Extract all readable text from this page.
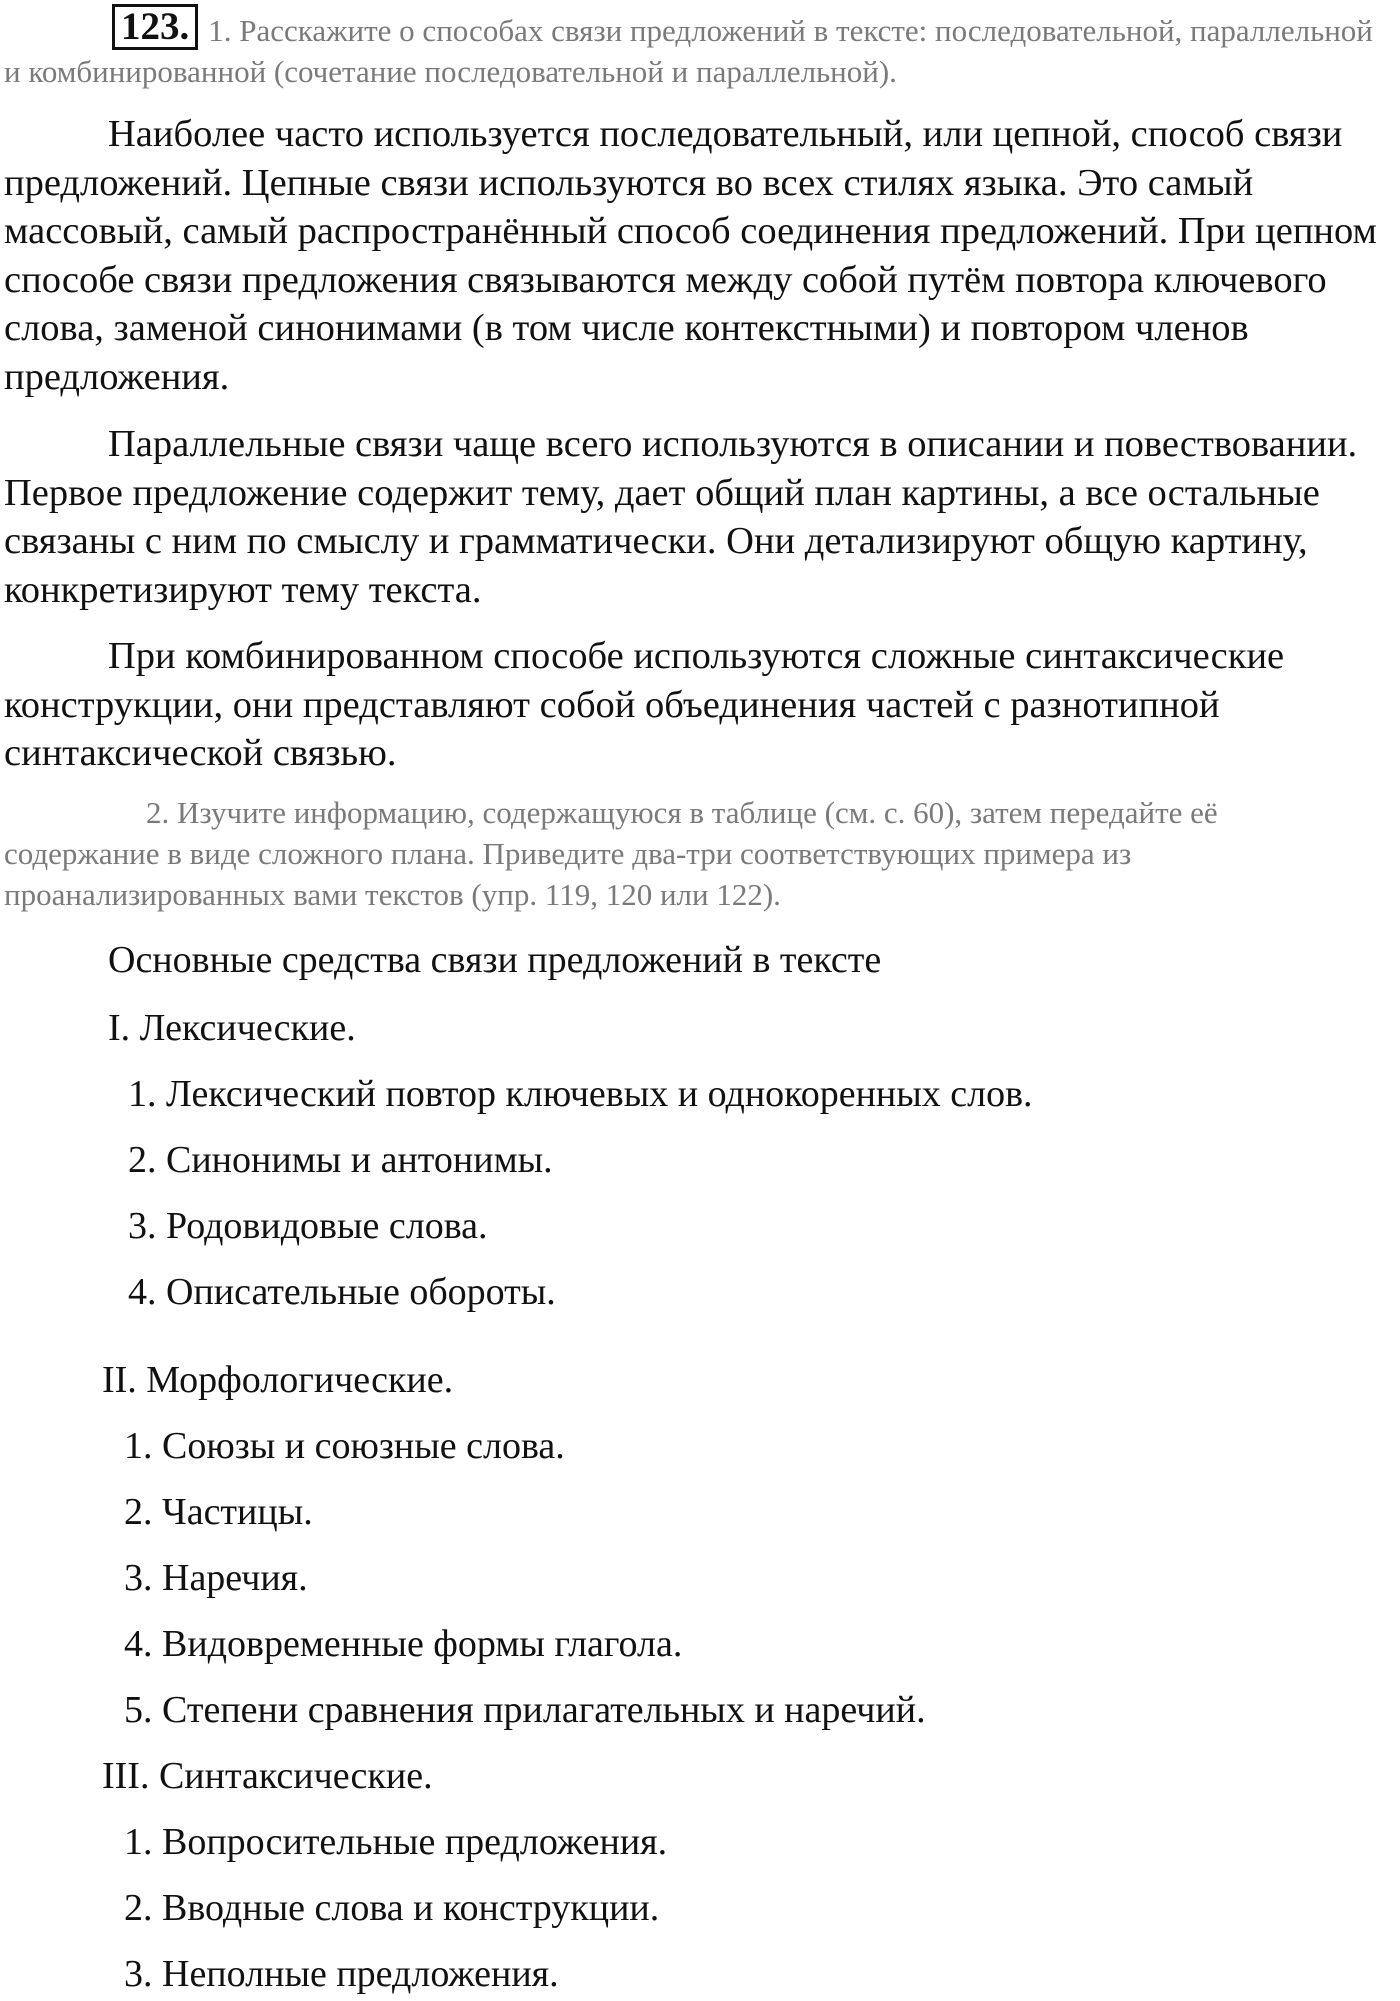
123. 1. Расскажите о способах связи предложений в тексте: последовательной, параллельной и комбинированной (сочетание последовательной и параллельной).

Наиболее часто используется последовательный, или цепной, способ связи предложений. Цепные связи используются во всех стилях языка. Это самый массовый, самый распространённый способ соединения предложений. При цепном способе связи предложения связываются между собой путём повтора ключевого слова, заменой синонимами (в том числе контекстными) и повтором членов предложения.

Параллельные связи чаще всего используются в описании и повествовании. Первое предложение содержит тему, дает общий план картины, а все остальные связаны с ним по смыслу и грамматически. Они детализируют общую картину, конкретизируют тему текста.

При комбинированном способе используются сложные синтаксические конструкции, они представляют собой объединения частей с разнотипной синтаксической связью.

2. Изучите информацию, содержащуюся в таблице (см. с. 60), затем передайте её содержание в виде сложного плана. Приведите два-три соответствующих примера из проанализированных вами текстов (упр. 119, 120 или 122).
Основные средства связи предложений в тексте
I. Лексические.
1. Лексический повтор ключевых и однокоренных слов.
2. Синонимы и антонимы.
3. Родовидовые слова.
4. Описательные обороты.
II. Морфологические.
1. Союзы и союзные слова.
2. Частицы.
3. Наречия.
4. Видовременные формы глагола.
5. Степени сравнения прилагательных и наречий.
III. Синтаксические.
1. Вопросительные предложения.
2. Вводные слова и конструкции.
3. Неполные предложения.
